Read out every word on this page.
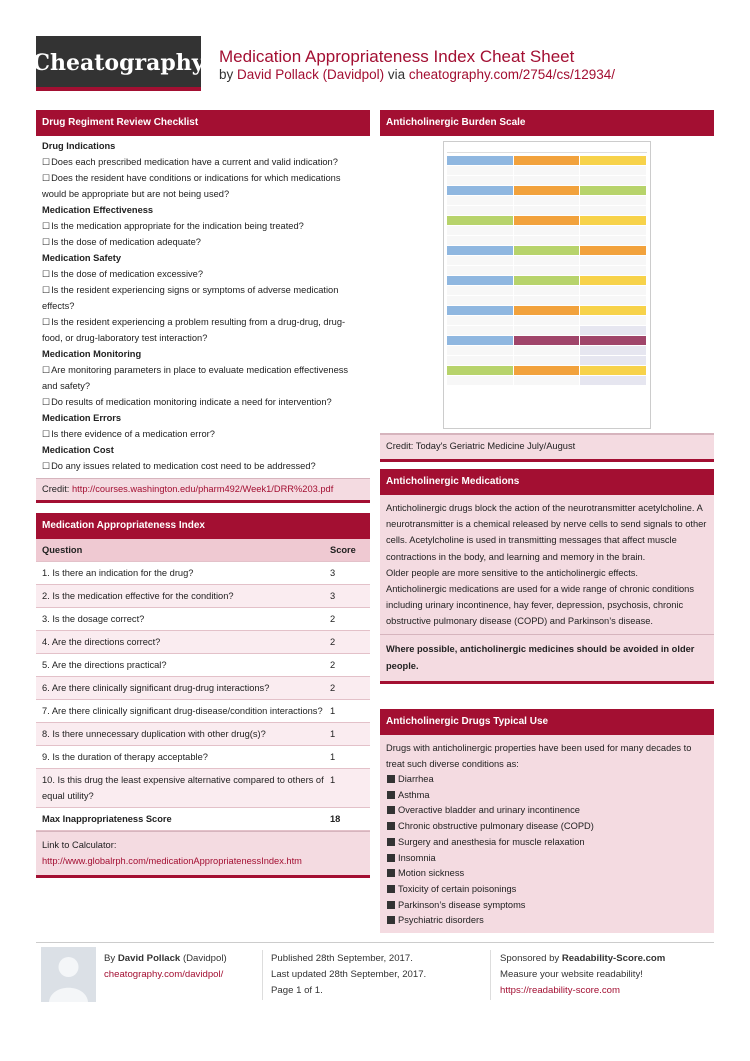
Cheatography Medication Appropriateness Index Cheat Sheet
by David Pollack (Davidpol) via cheatography.com/2754/cs/12934/
Drug Regiment Review Checklist
Drug Indications
☐ Does each prescribed medication have a current and valid indication?
☐ Does the resident have conditions or indications for which medications would be appropriate but are not being used?
Medication Effectiveness
☐ Is the medication appropriate for the indication being treated?
☐ Is the dose of medication adequate?
Medication Safety
☐ Is the dose of medication excessive?
☐ Is the resident experiencing signs or symptoms of adverse medication effects?
☐ Is the resident experiencing a problem resulting from a drug-drug, drug-food, or drug-laboratory test interaction?
Medication Monitoring
☐ Are monitoring parameters in place to evaluate medication effectiveness and safety?
☐ Do results of medication monitoring indicate a need for intervention?
Medication Errors
☐ Is there evidence of a medication error?
Medication Cost
☐ Do any issues related to medication cost need to be addressed?
Credit: http://courses.washington.edu/pharm492/Week1/DRR%203.pdf
Medication Appropriateness Index
Question	Score
1. Is there an indication for the drug?	3
2. Is the medication effective for the condition?	3
3. Is the dosage correct?	2
4. Are the directions correct?	2
5. Are the directions practical?	2
6. Are there clinically significant drug-drug interactions?	2
7. Are there clinically significant drug-disease/condition interactions?	1
8. Is there unnecessary duplication with other drug(s)?	1
9. Is the duration of therapy acceptable?	1
10. Is this drug the least expensive alternative compared to others of equal utility?	1
Max Inappropriateness Score	18
Link to Calculator:
http://www.globalrph.com/medicationAppropriatenessIndex.htm
Anticholinergic Burden Scale
Credit: Today's Geriatric Medicine July/August
Anticholinergic Medications
Anticholinergic drugs block the action of the neurotransmitter acetylcholine. A neurotransmitter is a chemical released by nerve cells to send signals to other cells. Acetylcholine is used in transmitting messages that affect muscle contractions in the body, and learning and memory in the brain.
Older people are more sensitive to the anticholinergic effects.
Anticholinergic medications are used for a wide range of chronic conditions including urinary incontinence, hay fever, depression, psychosis, chronic obstructive pulmonary disease (COPD) and Parkinson’s disease.
Where possible, anticholinergic medicines should be avoided in older people.
Anticholinergic Drugs Typical Use
Drugs with anticholinergic properties have been used for many decades to treat such diverse conditions as:
Diarrhea
Asthma
Overactive bladder and urinary incontinence
Chronic obstructive pulmonary disease (COPD)
Surgery and anesthesia for muscle relaxation
Insomnia
Motion sickness
Toxicity of certain poisonings
Parkinson’s disease symptoms
Psychiatric disorders
By David Pollack (Davidpol)
cheatography.com/davidpol/
Published 28th September, 2017.
Last updated 28th September, 2017.
Page 1 of 1.
Sponsored by Readability-Score.com
Measure your website readability!
https://readability-score.com
